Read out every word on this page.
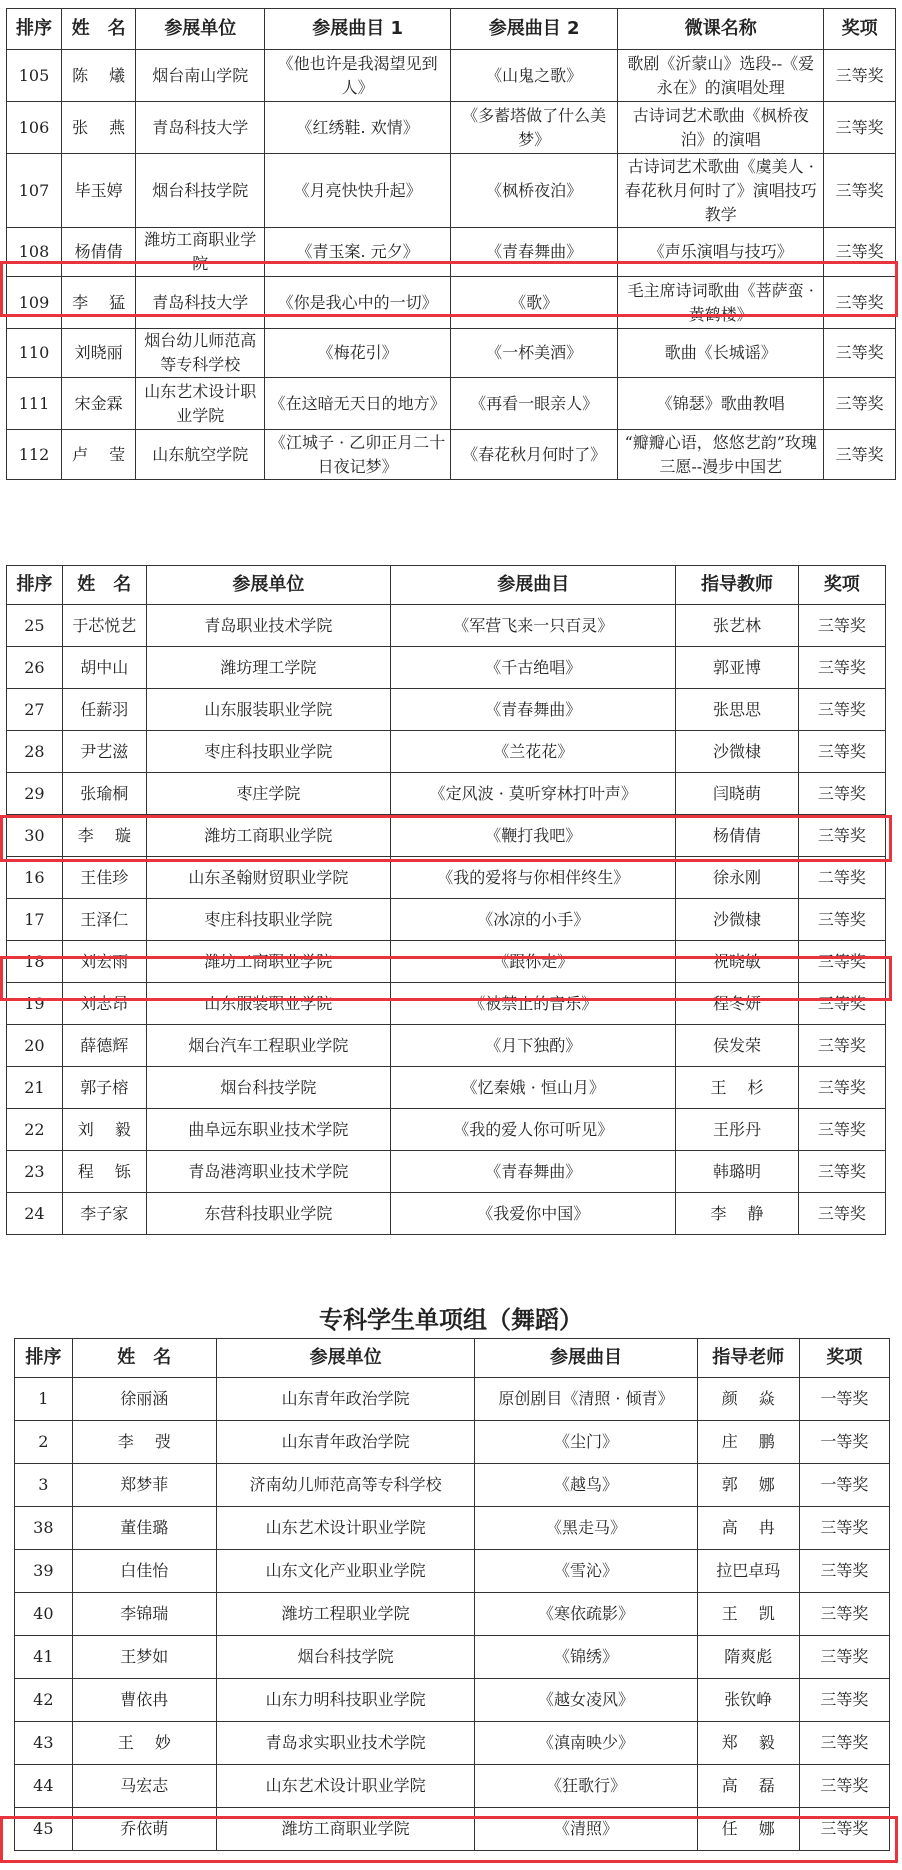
排序	姓　名	参展单位	参展曲目 1	参展曲目 2	微课名称	奖项
105	陈　 爔	烟台南山学院	《他也许是我渴望见到人》	《山鬼之歌》	歌剧《沂蒙山》选段--《爱永在》的演唱处理	三等奖
106	张　 燕	青岛科技大学	《红绣鞋. 欢情》	《多蓄塔做了什么美梦》	古诗词艺术歌曲《枫桥夜泊》的演唱	三等奖
107	毕玉婷	烟台科技学院	《月亮快快升起》	《枫桥夜泊》	古诗词艺术歌曲《虞美人 · 春花秋月何时了》演唱技巧教学	三等奖
108	杨倩倩	潍坊工商职业学院	《青玉案. 元夕》	《青春舞曲》	《声乐演唱与技巧》	三等奖
109	李　 猛	青岛科技大学	《你是我心中的一切》	《歌》	毛主席诗词歌曲《菩萨蛮 · 黄鹤楼》	三等奖
110	刘晓丽	烟台幼儿师范高等专科学校	《梅花引》	《一杯美酒》	歌曲《长城谣》	三等奖
111	宋金霖	山东艺术设计职业学院	《在这暗无天日的地方》	《再看一眼亲人》	《锦瑟》歌曲教唱	三等奖
112	卢　 莹	山东航空学院	《江城子 · 乙卯正月二十日夜记梦》	《春花秋月何时了》	“瓣瓣心语，悠悠艺韵”玫瑰三愿--漫步中国艺	三等奖
排序	姓　名	参展单位	参展曲目	指导教师	奖项
25	于芯悦艺	青岛职业技术学院	《军营飞来一只百灵》	张艺林	三等奖
26	胡中山	潍坊理工学院	《千古绝唱》	郭亚博	三等奖
27	任薪羽	山东服装职业学院	《青春舞曲》	张思思	三等奖
28	尹艺滋	枣庄科技职业学院	《兰花花》	沙微棣	三等奖
29	张瑜桐	枣庄学院	《定风波 · 莫听穿林打叶声》	闫晓萌	三等奖
30	李　 璇	潍坊工商职业学院	《鞭打我吧》	杨倩倩	三等奖
16	王佳珍	山东圣翰财贸职业学院	《我的爱将与你相伴终生》	徐永刚	二等奖
17	王泽仁	枣庄科技职业学院	《冰凉的小手》	沙微棣	三等奖
18	刘宏雨	潍坊工商职业学院	《跟你走》	祝晓敏	三等奖
19	刘志昂	山东服装职业学院	《被禁止的音乐》	程冬妍	三等奖
20	薛德辉	烟台汽车工程职业学院	《月下独酌》	侯发荣	三等奖
21	郭子榕	烟台科技学院	《忆秦娥 · 恒山月》	王　 杉	三等奖
22	刘　 毅	曲阜远东职业技术学院	《我的爱人你可听见》	王彤丹	三等奖
23	程　 铄	青岛港湾职业技术学院	《青春舞曲》	韩璐明	三等奖
24	李子家	东营科技职业学院	《我爱你中国》	李　 静	三等奖
专科学生单项组（舞蹈）
排序	姓　名	参展单位	参展曲目	指导老师	奖项
1	徐丽涵	山东青年政治学院	原创剧目《清照 · 倾青》	颜　 焱	一等奖
2	李　 弢	山东青年政治学院	《尘门》	庄　 鹏	一等奖
3	郑梦菲	济南幼儿师范高等专科学校	《越鸟》	郭　 娜	一等奖
38	董佳璐	山东艺术设计职业学院	《黑走马》	高　 冉	三等奖
39	白佳怡	山东文化产业职业学院	《雪沁》	拉巴卓玛	三等奖
40	李锦瑞	潍坊工程职业学院	《寒依疏影》	王　 凯	三等奖
41	王梦如	烟台科技学院	《锦绣》	隋爽彪	三等奖
42	曹依冉	山东力明科技职业学院	《越女凌风》	张钦峥	三等奖
43	王　 妙	青岛求实职业技术学院	《滇南映少》	郑　 毅	三等奖
44	马宏志	山东艺术设计职业学院	《狂歌行》	高　 磊	三等奖
45	乔依萌	潍坊工商职业学院	《清照》	任　 娜	三等奖
